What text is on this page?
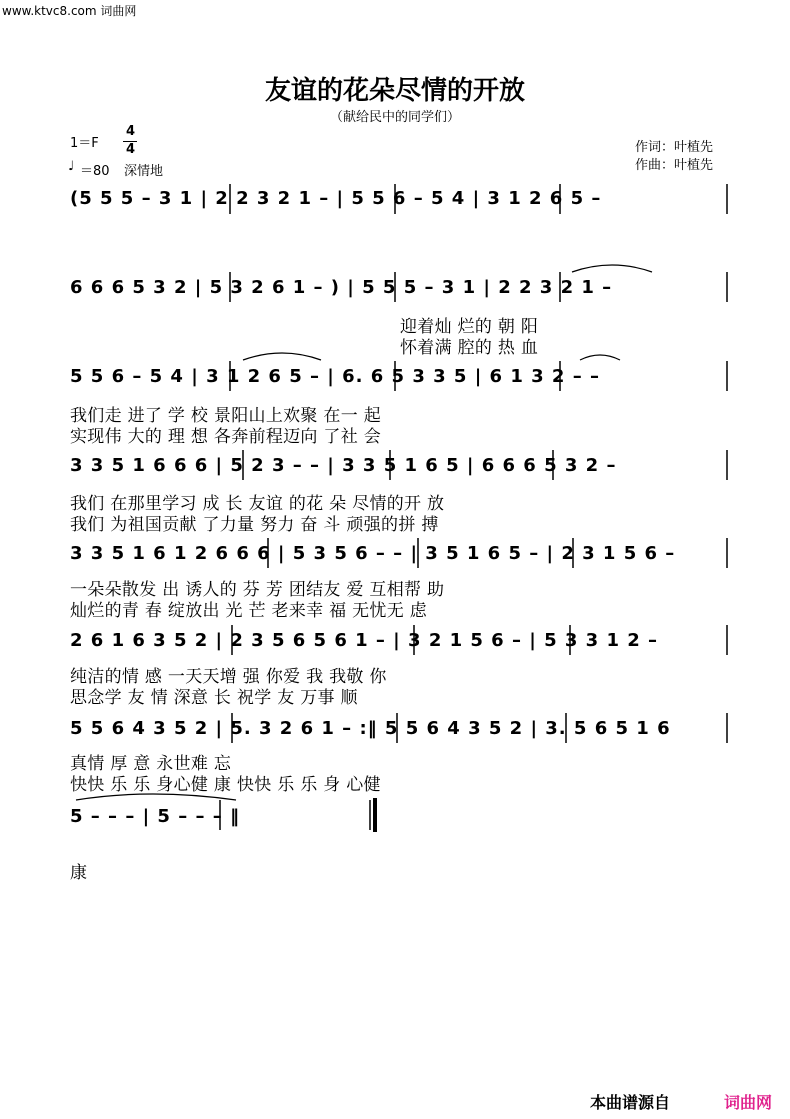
www.ktvc8.com 词曲网
友谊的花朵尽情的开放
（献给民中的同学们）
1＝F
4
4
♩ ＝80 深情地
作词：叶植先
作曲：叶植先
(5 5 5 – 3 1 | 2 2 3 2 1 – | 5 5 6 – 5 4 | 3 1 2 6 5 –
6 6 6 5 3 2 | 5 3 2 6 1 – ) | 5 5 5 – 3 1 | 2 2 3 2 1 –
迎着灿 烂的 朝 阳
怀着满 腔的 热 血
5 5 6 – 5 4 | 3 1 2 6 5 – | 6. 6 5 3 3 5 | 6 1 3 2 – –
我们走 进了 学 校 景阳山上欢聚 在一 起
实现伟 大的 理 想 各奔前程迈向 了社 会
3 3 5 1 6 6 6 | 5 2 3 – – | 3 3 5 1 6 5 | 6 6 6 5 3 2 –
我们 在那里学习 成 长 友谊 的花 朵 尽情的开 放
我们 为祖国贡献 了力量 努力 奋 斗 顽强的拼 搏
3 3 5 1 6 1 2 6 6 6 | 5 3 5 6 – – | 3 5 1 6 5 – | 2 3 1 5 6 –
一朵朵散发 出 诱人的 芬 芳 团结友 爱 互相帮 助
灿烂的青 春 绽放出 光 芒 老来幸 福 无忧无 虑
2 6 1 6 3 5 2 | 2 3 5 6 5 6 1 – | 3 2 1 5 6 – | 5 3 3 1 2 –
纯洁的情 感 一天天增 强 你爱 我 我敬 你
思念学 友 情 深意 长 祝学 友 万事 顺
5 5 6 4 3 5 2 | 5. 3 2 6 1 – :‖ 5 5 6 4 3 5 2 | 3. 5 6 5 1 6
真情 厚 意 永世难 忘
快快 乐 乐 身心健 康 快快 乐 乐 身 心健
5 – – – | 5 – – – ‖
康
本曲谱源自	词曲网
